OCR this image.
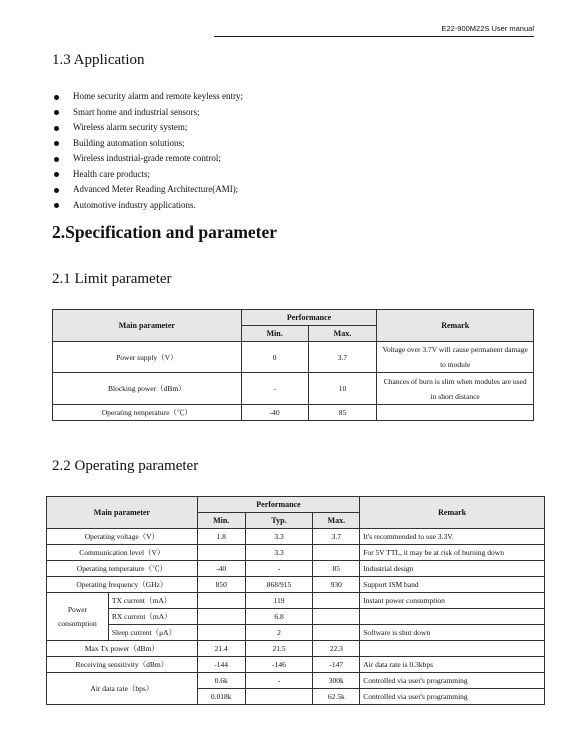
E22-900M22S User manual
1.3 Application
Home security alarm and remote keyless entry;
Smart home and industrial sensors;
Wireless alarm security system;
Building automation solutions;
Wireless industrial-grade remote control;
Health care products;
Advanced Meter Reading Architecture(AMI);
Automotive industry applications.
2.Specification and parameter
2.1 Limit parameter
Main parameter	Performance		Remark
	Min.	Max.	
Power supply（V）	0	3.7	Voltage over 3.7V will cause permanent damage to module
Blocking power（dBm）	-	10	Chances of burn is slim when modules are used in short distance
Operating temperature（℃）	-40	85	
2.2 Operating parameter
Main parameter		Performance			Remark
		Min.	Typ.	Max.	
Operating voltage（V）		1.8	3.3	3.7	It's recommended to use 3.3V.
Communication level（V）			3.3		For 5V TTL, it may be at risk of burning down
Operating temperature（℃）		-40	-	85	Industrial design
Operating frequency（GHz）		850	868/915	930	Support ISM band
Power consumption	TX current（mA）		119		Instant power consumption
	RX current（mA）		6.8		
	Sleep current（μA）		2		Software is shut down
Max Tx power（dBm）		21.4	21.5	22.3	
Receiving sensitivity（dBm）		-144	-146	-147	Air data rate is 0.3kbps
Air data rate（bps）		0.6k	-	300k	Controlled via user's programming
		0.018k		62.5k	Controlled via user's programming
